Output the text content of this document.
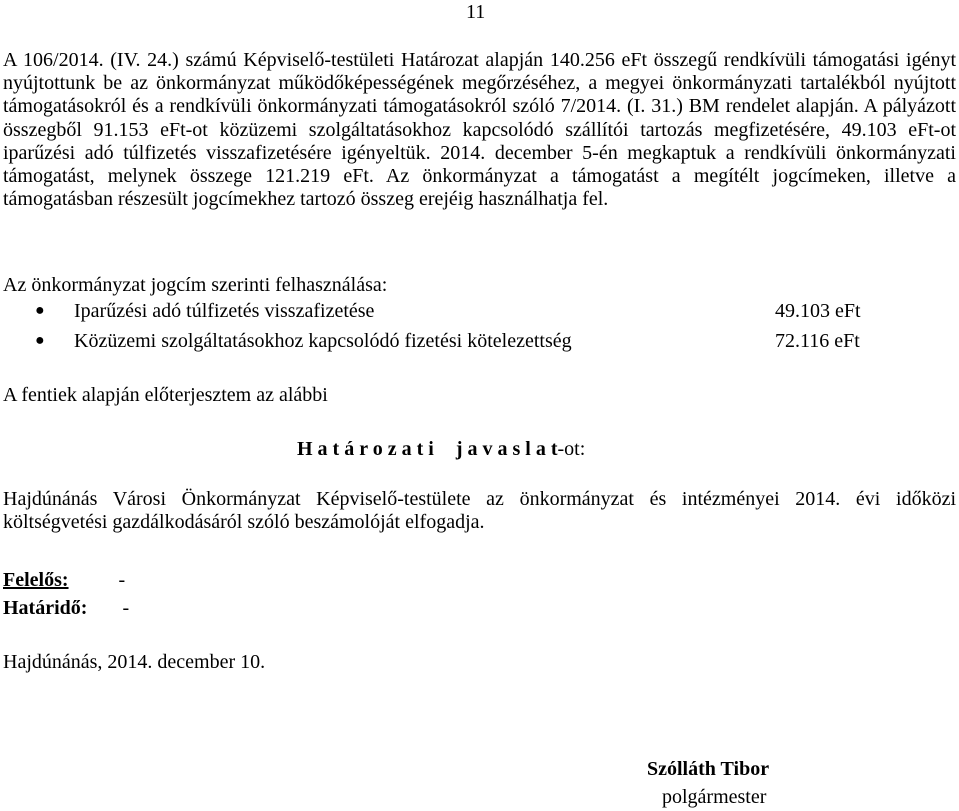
11

A 106/2014. (IV. 24.) számú Képviselő-testületi Határozat alapján 140.256 eFt összegű rendkívüli támogatási igényt nyújtottunk be az önkormányzat működőképességének megőrzéséhez, a megyei önkormányzati tartalékból nyújtott támogatásokról és a rendkívüli önkormányzati támogatásokról szóló 7/2014. (I. 31.) BM rendelet alapján. A pályázott összegből 91.153 eFt-ot közüzemi szolgáltatásokhoz kapcsolódó szállítói tartozás megfizetésére, 49.103 eFt-ot iparűzési adó túlfizetés visszafizetésére igényeltük. 2014. december 5-én megkaptuk a rendkívüli önkormányzati támogatást, melynek összege 121.219 eFt. Az önkormányzat a támogatást a megítélt jogcímeken, illetve a támogatásban részesült jogcímekhez tartozó összeg erejéig használhatja fel.

Az önkormányzat jogcím szerinti felhasználása:
● Iparűzési adó túlfizetés visszafizetése	49.103 eFt
● Közüzemi szolgáltatásokhoz kapcsolódó fizetési kötelezettség	72.116 eFt
A fentiek alapján előterjesztem az alábbi
H a t á r o z a t i j a v a s l a t-ot:

Hajdúnánás Városi Önkormányzat Képviselő-testülete az önkormányzat és intézményei 2014. évi időközi költségvetési gazdálkodásáról szóló beszámolóját elfogadja.

Felelős:	-
Határidő: -
Hajdúnánás, 2014. december 10.
Szólláth Tibor
polgármester
